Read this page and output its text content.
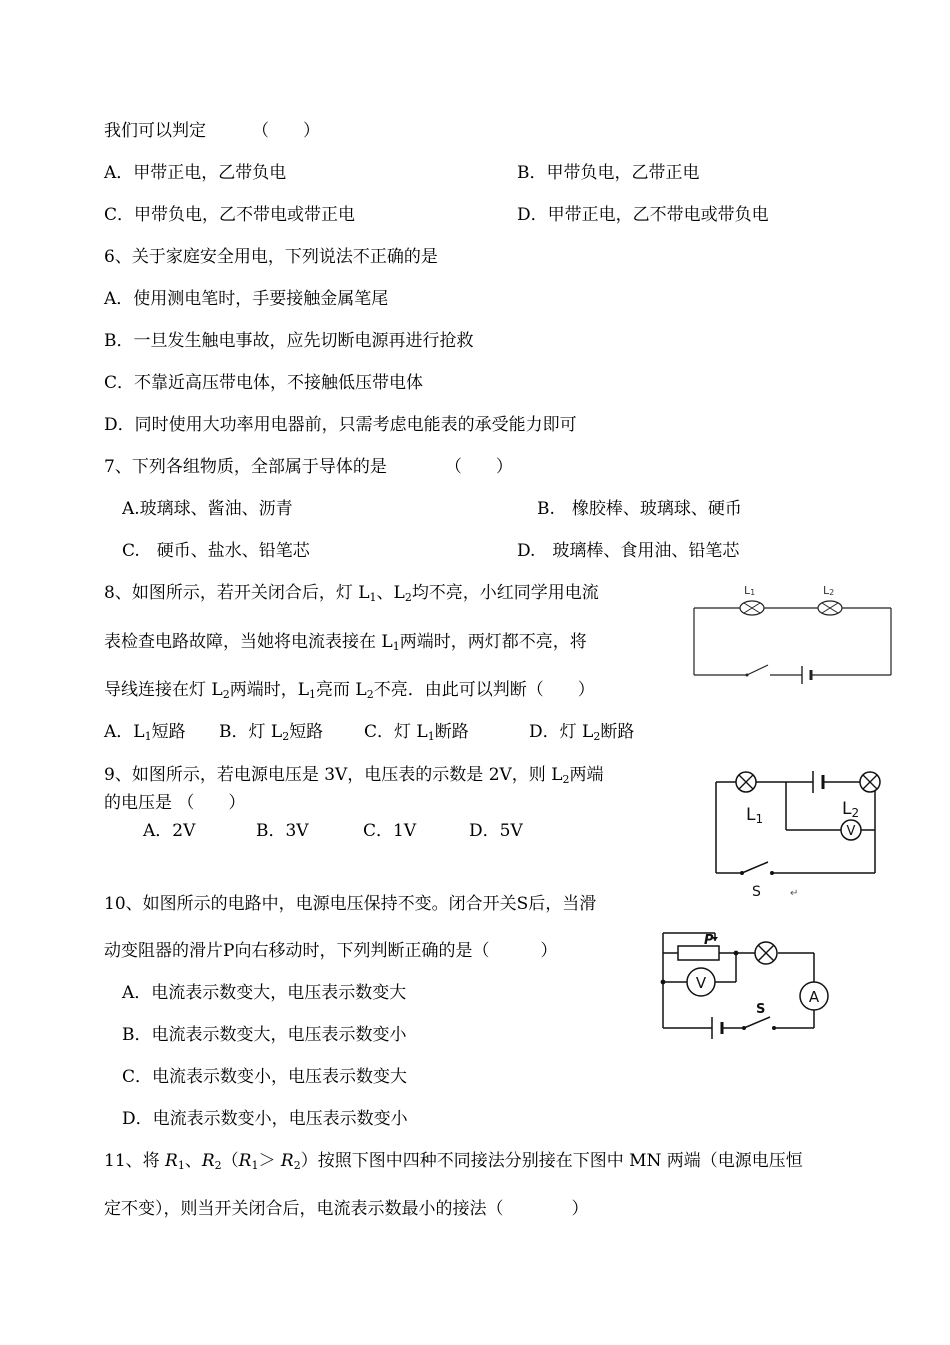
我们可以判定	（　　）
A．甲带正电，乙带负电	B．甲带负电，乙带正电
C．甲带负电，乙不带电或带正电	D．甲带正电，乙不带电或带负电
6、关于家庭安全用电，下列说法不正确的是
A．使用测电笔时，手要接触金属笔尾
B．一旦发生触电事故，应先切断电源再进行抢救
C．不靠近高压带电体，不接触低压带电体
D．同时使用大功率用电器前，只需考虑电能表的承受能力即可
7、下列各组物质，全部属于导体的是	（　　）
A.玻璃球、酱油、沥青	B.　橡胶棒、玻璃球、硬币
C.　硬币、盐水、铅笔芯	D.　玻璃棒、食用油、铅笔芯
8、如图所示，若开关闭合后，灯 $L_1$、$L_2$均不亮，小红同学用电流
表检查电路故障，当她将电流表接在 $L_1$两端时，两灯都不亮，将
导线连接在灯 $L_2$两端时，$L_1$亮而 $L_2$不亮．由此可以判断（　　）
A．$L_1$短路 B．灯 $L_2$短路 C．灯 $L_1$断路	D．灯 $L_2$断路
L1	L2
9、如图所示，若电源电压是 3V，电压表的示数是 2V，则 $L_2$两端
的电压是 （　　）
A．2V	B．3V	C．1V	D．5V	V
L1	L2
S	↵
10、如图所示的电路中，电源电压保持不变。闭合开关S后，当滑
动变阻器的滑片P向右移动时，下列判断正确的是（　　　）
A．电流表示数变大，电压表示数变大
B．电流表示数变大，电压表示数变小
C．电流表示数变小，电压表示数变大
D．电流表示数变小，电压表示数变小
V
A
P
S
11、将 $R_1$、$R_2(R_1> R_2)$按照下图中四种不同接法分别接在下图中 MN 两端（电源电压恒
定不变），则当开关闭合后，电流表示数最小的接法（　　　　）
